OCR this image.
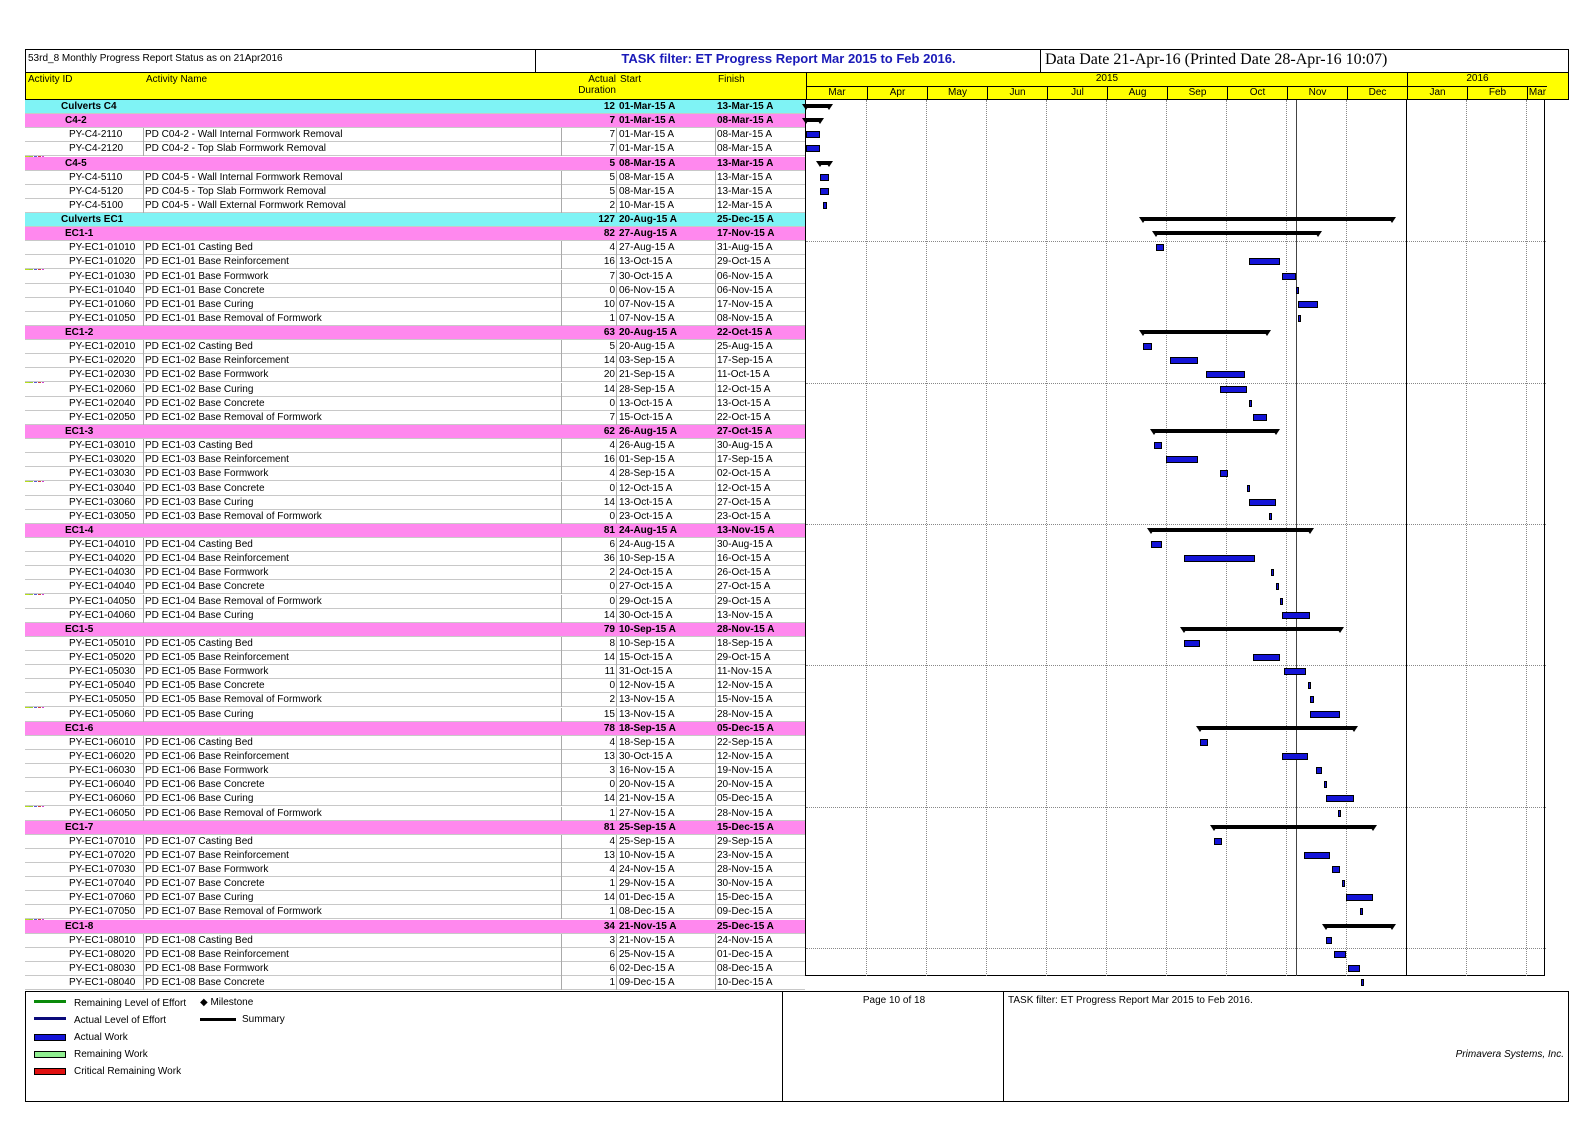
53rd_8 Monthly Progress Report Status as on 21Apr2016	TASK filter: ET Progress Report Mar 2015 to Feb 2016.	Data Date 21-Apr-16 (Printed Date 28-Apr-16 10:07)
Activity ID	Activity Name	Actual Duration
Start	Finish	2015	2016
Mar	Apr	May	Jun	Jul	Aug	Sep	Oct	Nov	Dec	Jan	Feb	Mar
Culverts C4	12 01-Mar-15 A	13-Mar-15 A
C4-2	7 01-Mar-15 A	08-Mar-15 A
PY-C4-2110 PD C04-2 - Wall Internal Formwork Removal	7 01-Mar-15 A	08-Mar-15 A
PY-C4-2120 PD C04-2 - Top Slab Formwork Removal	7 01-Mar-15 A	08-Mar-15 A
C4-5	5 08-Mar-15 A	13-Mar-15 A
PY-C4-5110 PD C04-5 - Wall Internal Formwork Removal	5 08-Mar-15 A	13-Mar-15 A
PY-C4-5120 PD C04-5 - Top Slab Formwork Removal	5 08-Mar-15 A	13-Mar-15 A
PY-C4-5100 PD C04-5 - Wall External Formwork Removal	2 10-Mar-15 A	12-Mar-15 A
Culverts EC1	127 20-Aug-15 A	25-Dec-15 A
EC1-1	82 27-Aug-15 A	17-Nov-15 A
PY-EC1-01010 PD EC1-01 Casting Bed	4 27-Aug-15 A	31-Aug-15 A
PY-EC1-01020 PD EC1-01 Base Reinforcement	16 13-Oct-15 A	29-Oct-15 A
PY-EC1-01030 PD EC1-01 Base Formwork	7 30-Oct-15 A	06-Nov-15 A
PY-EC1-01040 PD EC1-01 Base Concrete	0 06-Nov-15 A	06-Nov-15 A
PY-EC1-01060 PD EC1-01 Base Curing	10 07-Nov-15 A	17-Nov-15 A
PY-EC1-01050 PD EC1-01 Base Removal of Formwork	1 07-Nov-15 A	08-Nov-15 A
EC1-2	63 20-Aug-15 A	22-Oct-15 A
PY-EC1-02010 PD EC1-02 Casting Bed	5 20-Aug-15 A	25-Aug-15 A
PY-EC1-02020 PD EC1-02 Base Reinforcement	14 03-Sep-15 A	17-Sep-15 A
PY-EC1-02030 PD EC1-02 Base Formwork	20 21-Sep-15 A	11-Oct-15 A
PY-EC1-02060 PD EC1-02 Base Curing	14 28-Sep-15 A	12-Oct-15 A
PY-EC1-02040 PD EC1-02 Base Concrete	0 13-Oct-15 A	13-Oct-15 A
PY-EC1-02050 PD EC1-02 Base Removal of Formwork	7 15-Oct-15 A	22-Oct-15 A
EC1-3	62 26-Aug-15 A	27-Oct-15 A
PY-EC1-03010 PD EC1-03 Casting Bed	4 26-Aug-15 A	30-Aug-15 A
PY-EC1-03020 PD EC1-03 Base Reinforcement	16 01-Sep-15 A	17-Sep-15 A
PY-EC1-03030 PD EC1-03 Base Formwork	4 28-Sep-15 A	02-Oct-15 A
PY-EC1-03040 PD EC1-03 Base Concrete	0 12-Oct-15 A	12-Oct-15 A
PY-EC1-03060 PD EC1-03 Base Curing	14 13-Oct-15 A	27-Oct-15 A
PY-EC1-03050 PD EC1-03 Base Removal of Formwork	0 23-Oct-15 A	23-Oct-15 A
EC1-4	81 24-Aug-15 A	13-Nov-15 A
PY-EC1-04010 PD EC1-04 Casting Bed	6 24-Aug-15 A	30-Aug-15 A
PY-EC1-04020 PD EC1-04 Base Reinforcement	36 10-Sep-15 A	16-Oct-15 A
PY-EC1-04030 PD EC1-04 Base Formwork	2 24-Oct-15 A	26-Oct-15 A
PY-EC1-04040 PD EC1-04 Base Concrete	0 27-Oct-15 A	27-Oct-15 A
PY-EC1-04050 PD EC1-04 Base Removal of Formwork	0 29-Oct-15 A	29-Oct-15 A
PY-EC1-04060 PD EC1-04 Base Curing	14 30-Oct-15 A	13-Nov-15 A
EC1-5	79 10-Sep-15 A	28-Nov-15 A
PY-EC1-05010 PD EC1-05 Casting Bed	8 10-Sep-15 A	18-Sep-15 A
PY-EC1-05020 PD EC1-05 Base Reinforcement	14 15-Oct-15 A	29-Oct-15 A
PY-EC1-05030 PD EC1-05 Base Formwork	11 31-Oct-15 A	11-Nov-15 A
PY-EC1-05040 PD EC1-05 Base Concrete	0 12-Nov-15 A	12-Nov-15 A
PY-EC1-05050 PD EC1-05 Base Removal of Formwork	2 13-Nov-15 A	15-Nov-15 A
PY-EC1-05060 PD EC1-05 Base Curing	15 13-Nov-15 A	28-Nov-15 A
EC1-6	78 18-Sep-15 A	05-Dec-15 A
PY-EC1-06010 PD EC1-06 Casting Bed	4 18-Sep-15 A	22-Sep-15 A
PY-EC1-06020 PD EC1-06 Base Reinforcement	13 30-Oct-15 A	12-Nov-15 A
PY-EC1-06030 PD EC1-06 Base Formwork	3 16-Nov-15 A	19-Nov-15 A
PY-EC1-06040 PD EC1-06 Base Concrete	0 20-Nov-15 A	20-Nov-15 A
PY-EC1-06060 PD EC1-06 Base Curing	14 21-Nov-15 A	05-Dec-15 A
PY-EC1-06050 PD EC1-06 Base Removal of Formwork	1 27-Nov-15 A	28-Nov-15 A
EC1-7	81 25-Sep-15 A	15-Dec-15 A
PY-EC1-07010 PD EC1-07 Casting Bed	4 25-Sep-15 A	29-Sep-15 A
PY-EC1-07020 PD EC1-07 Base Reinforcement	13 10-Nov-15 A	23-Nov-15 A
PY-EC1-07030 PD EC1-07 Base Formwork	4 24-Nov-15 A	28-Nov-15 A
PY-EC1-07040 PD EC1-07 Base Concrete	1 29-Nov-15 A	30-Nov-15 A
PY-EC1-07060 PD EC1-07 Base Curing	14 01-Dec-15 A	15-Dec-15 A
PY-EC1-07050 PD EC1-07 Base Removal of Formwork	1 08-Dec-15 A	09-Dec-15 A
EC1-8	34 21-Nov-15 A	25-Dec-15 A
PY-EC1-08010 PD EC1-08 Casting Bed	3 21-Nov-15 A	24-Nov-15 A
PY-EC1-08020 PD EC1-08 Base Reinforcement	6 25-Nov-15 A	01-Dec-15 A
PY-EC1-08030 PD EC1-08 Base Formwork	6 02-Dec-15 A	08-Dec-15 A
PY-EC1-08040 PD EC1-08 Base Concrete	1 09-Dec-15 A	10-Dec-15 A
Remaining Level of Effort
Actual Level of Effort
Actual Work
Remaining Work
Critical Remaining Work
◆ Milestone
Summary
Page 10 of 18	TASK filter: ET Progress Report Mar 2015 to Feb 2016.
Primavera Systems, Inc.
